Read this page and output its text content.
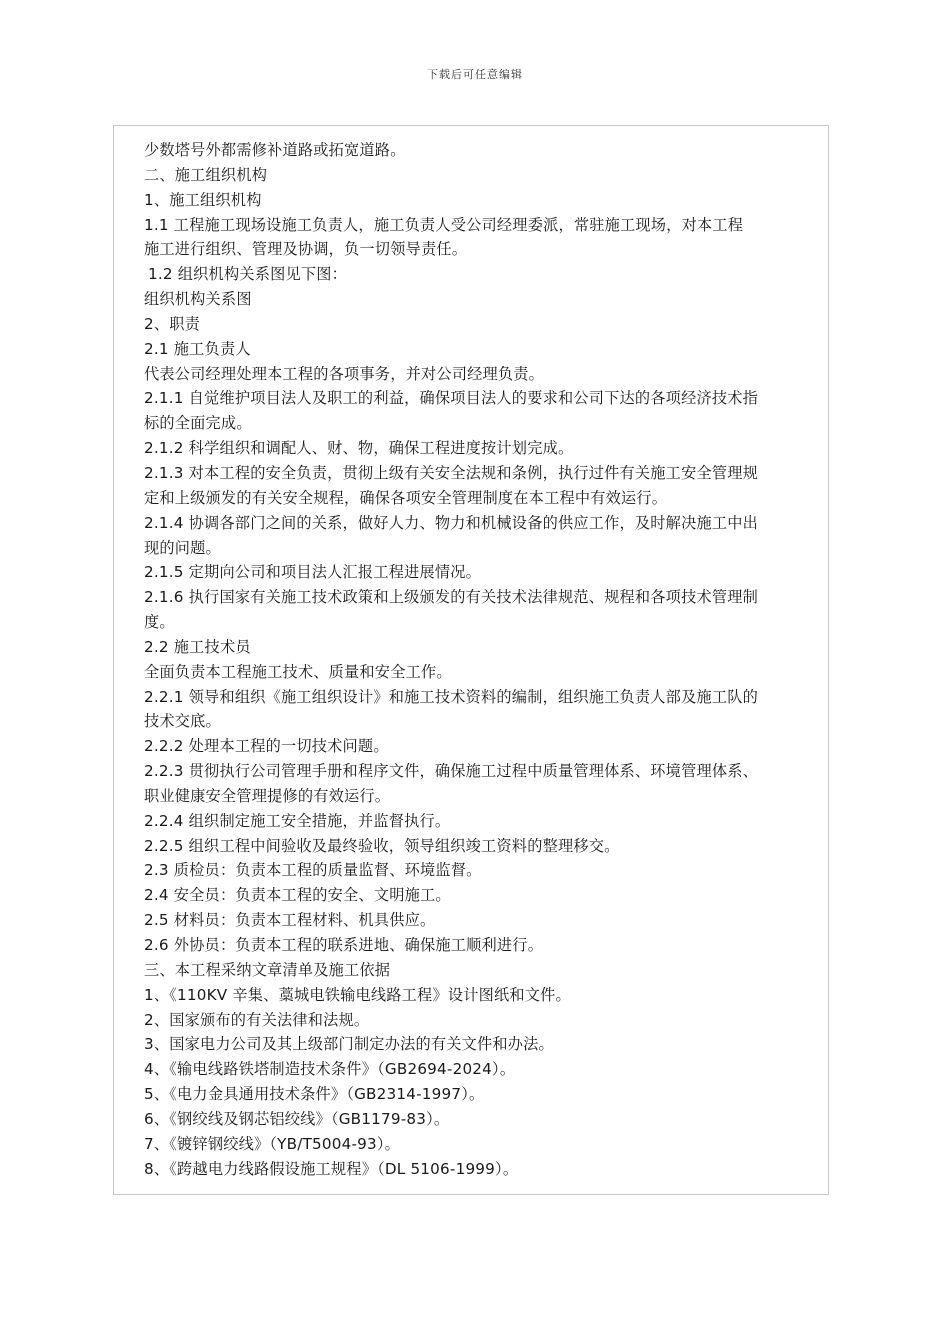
下载后可任意编辑
少数塔号外都需修补道路或拓宽道路。
二、施工组织机构
1、施工组织机构
1.1 工程施工现场设施工负责人，施工负责人受公司经理委派，常驻施工现场，对本工程
施工进行组织、管理及协调，负一切领导责任。
1.2 组织机构关系图见下图：
组织机构关系图
2、职责
2.1 施工负责人
代表公司经理处理本工程的各项事务，并对公司经理负责。
2.1.1 自觉维护项目法人及职工的利益，确保项目法人的要求和公司下达的各项经济技术指
标的全面完成。
2.1.2 科学组织和调配人、财、物，确保工程进度按计划完成。
2.1.3 对本工程的安全负责，贯彻上级有关安全法规和条例，执行过件有关施工安全管理规
定和上级颁发的有关安全规程，确保各项安全管理制度在本工程中有效运行。
2.1.4 协调各部门之间的关系，做好人力、物力和机械设备的供应工作，及时解决施工中出
现的问题。
2.1.5 定期向公司和项目法人汇报工程进展情况。
2.1.6 执行国家有关施工技术政策和上级颁发的有关技术法律规范、规程和各项技术管理制
度。
2.2 施工技术员
全面负责本工程施工技术、质量和安全工作。
2.2.1 领导和组织《施工组织设计》和施工技术资料的编制，组织施工负责人部及施工队的
技术交底。
2.2.2 处理本工程的一切技术问题。
2.2.3 贯彻执行公司管理手册和程序文件，确保施工过程中质量管理体系、环境管理体系、
职业健康安全管理提修的有效运行。
2.2.4 组织制定施工安全措施，并监督执行。
2.2.5 组织工程中间验收及最终验收，领导组织竣工资料的整理移交。
2.3 质检员：负责本工程的质量监督、环境监督。
2.4 安全员：负责本工程的安全、文明施工。
2.5 材料员：负责本工程材料、机具供应。
2.6 外协员：负责本工程的联系进地、确保施工顺利进行。
三、本工程采纳文章清单及施工依据
1、《110KV 辛集、藁城电铁输电线路工程》设计图纸和文件。
2、国家颁布的有关法律和法规。
3、国家电力公司及其上级部门制定办法的有关文件和办法。
4、《输电线路铁塔制造技术条件》（GB2694-2024）。
5、《电力金具通用技术条件》（GB2314-1997）。
6、《钢绞线及钢芯铝绞线》（GB1179-83）。
7、《镀锌钢绞线》（YB/T5004-93）。
8、《跨越电力线路假设施工规程》（DL 5106-1999）。
